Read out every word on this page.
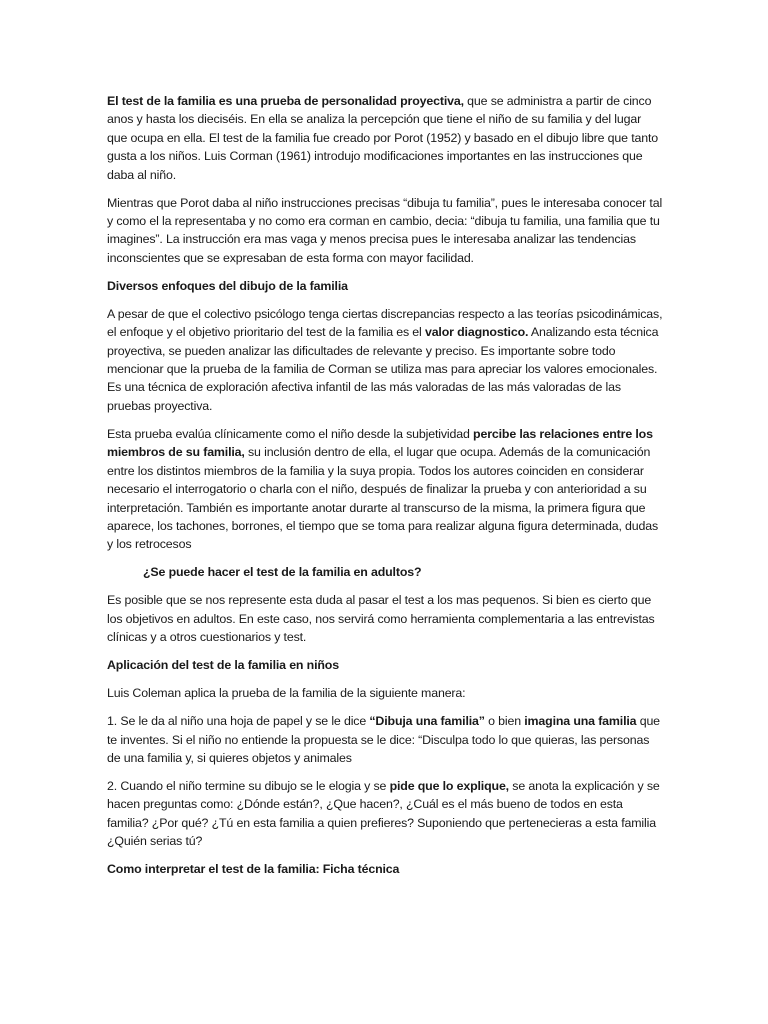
El test de la familia es una prueba de personalidad proyectiva, que se administra a partir de cinco anos y hasta los dieciséis. En ella se analiza la percepción que tiene el niño de su familia y del lugar que ocupa en ella. El test de la familia fue creado por Porot (1952) y basado en el dibujo libre que tanto gusta a los niños. Luis Corman (1961) introdujo modificaciones importantes en las instrucciones que daba al niño.

Mientras que Porot daba al niño instrucciones precisas “dibuja tu familia”, pues le interesaba conocer tal y como el la representaba y no como era corman en cambio, decia: “dibuja tu familia, una familia que tu imagines”. La instrucción era mas vaga y menos precisa pues le interesaba analizar las tendencias inconscientes que se expresaban de esta forma con mayor facilidad.

Diversos enfoques del dibujo de la familia

A pesar de que el colectivo psicólogo tenga ciertas discrepancias respecto a las teorías psicodinámicas, el enfoque y el objetivo prioritario del test de la familia es el valor diagnostico. Analizando esta técnica proyectiva, se pueden analizar las dificultades de relevante y preciso. Es importante sobre todo mencionar que la prueba de la familia de Corman se utiliza mas para apreciar los valores emocionales. Es una técnica de exploración afectiva infantil de las más valoradas de las más valoradas de las pruebas proyectiva.

Esta prueba evalúa clínicamente como el niño desde la subjetividad percibe las relaciones entre los miembros de su familia, su inclusión dentro de ella, el lugar que ocupa. Además de la comunicación entre los distintos miembros de la familia y la suya propia. Todos los autores coinciden en considerar necesario el interrogatorio o charla con el niño, después de finalizar la prueba y con anterioridad a su interpretación. También es importante anotar durarte al transcurso de la misma, la primera figura que aparece, los tachones, borrones, el tiempo que se toma para realizar alguna figura determinada, dudas y los retrocesos

¿Se puede hacer el test de la familia en adultos?

Es posible que se nos represente esta duda al pasar el test a los mas pequenos. Si bien es cierto que los objetivos en adultos. En este caso, nos servirá como herramienta complementaria a las entrevistas clínicas y a otros cuestionarios y test.

Aplicación del test de la familia en niños

Luis Coleman aplica la prueba de la familia de la siguiente manera:

1. Se le da al niño una hoja de papel y se le dice “Dibuja una familia” o bien imagina una familia que te inventes. Si el niño no entiende la propuesta se le dice: “Disculpa todo lo que quieras, las personas de una familia y, si quieres objetos y animales

2. Cuando el niño termine su dibujo se le elogia y se pide que lo explique, se anota la explicación y se hacen preguntas como: ¿Dónde están?, ¿Que hacen?, ¿Cuál es el más bueno de todos en esta familia? ¿Por qué? ¿Tú en esta familia a quien prefieres? Suponiendo que pertenecieras a esta familia ¿Quién serias tú?

Como interpretar el test de la familia: Ficha técnica
